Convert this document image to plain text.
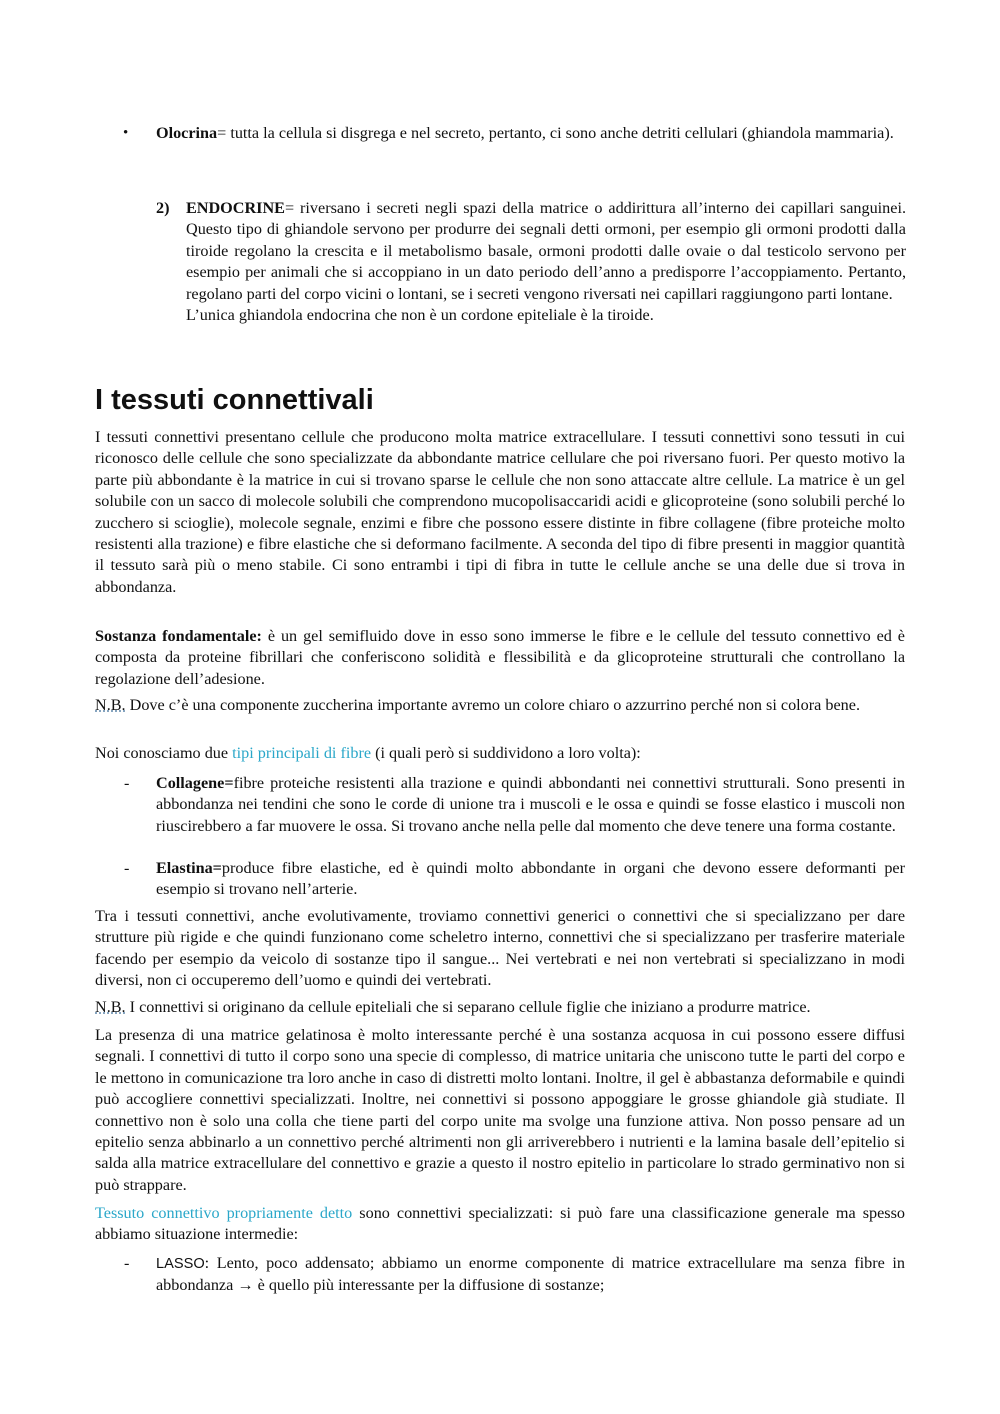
• Olocrina= tutta la cellula si disgrega e nel secreto, pertanto, ci sono anche detriti cellulari (ghiandola mammaria).
2) ENDOCRINE= riversano i secreti negli spazi della matrice o addirittura all’interno dei capillari sanguinei. Questo tipo di ghiandole servono per produrre dei segnali detti ormoni, per esempio gli ormoni prodotti dalla tiroide regolano la crescita e il metabolismo basale, ormoni prodotti dalle ovaie o dal testicolo servono per esempio per animali che si accoppiano in un dato periodo dell’anno a predisporre l’accoppiamento. Pertanto, regolano parti del corpo vicini o lontani, se i secreti vengono riversati nei capillari raggiungono parti lontane.
L’unica ghiandola endocrina che non è un cordone epiteliale è la tiroide.
I tessuti connettivali

I tessuti connettivi presentano cellule che producono molta matrice extracellulare. I tessuti connettivi sono tessuti in cui riconosco delle cellule che sono specializzate da abbondante matrice cellulare che poi riversano fuori. Per questo motivo la parte più abbondante è la matrice in cui si trovano sparse le cellule che non sono attaccate altre cellule. La matrice è un gel solubile con un sacco di molecole solubili che comprendono mucopolisaccaridi acidi e glicoproteine (sono solubili perché lo zucchero si scioglie), molecole segnale, enzimi e fibre che possono essere distinte in fibre collagene (fibre proteiche molto resistenti alla trazione) e fibre elastiche che si deformano facilmente. A seconda del tipo di fibre presenti in maggior quantità il tessuto sarà più o meno stabile. Ci sono entrambi i tipi di fibra in tutte le cellule anche se una delle due si trova in abbondanza.

Sostanza fondamentale: è un gel semifluido dove in esso sono immerse le fibre e le cellule del tessuto connettivo ed è composta da proteine fibrillari che conferiscono solidità e flessibilità e da glicoproteine strutturali che controllano la regolazione dell’adesione.

N.B. Dove c’è una componente zuccherina importante avremo un colore chiaro o azzurrino perché non si colora bene.

Noi conosciamo due tipi principali di fibre (i quali però si suddividono a loro volta):

- Collagene=fibre proteiche resistenti alla trazione e quindi abbondanti nei connettivi strutturali. Sono presenti in abbondanza nei tendini che sono le corde di unione tra i muscoli e le ossa e quindi se fosse elastico i muscoli non riuscirebbero a far muovere le ossa. Si trovano anche nella pelle dal momento che deve tenere una forma costante.
- Elastina=produce fibre elastiche, ed è quindi molto abbondante in organi che devono essere deformanti per esempio si trovano nell’arterie.

Tra i tessuti connettivi, anche evolutivamente, troviamo connettivi generici o connettivi che si specializzano per dare strutture più rigide e che quindi funzionano come scheletro interno, connettivi che si specializzano per trasferire materiale facendo per esempio da veicolo di sostanze tipo il sangue... Nei vertebrati e nei non vertebrati si specializzano in modi diversi, non ci occuperemo dell’uomo e quindi dei vertebrati.

N.B. I connettivi si originano da cellule epiteliali che si separano cellule figlie che iniziano a produrre matrice.

La presenza di una matrice gelatinosa è molto interessante perché è una sostanza acquosa in cui possono essere diffusi segnali. I connettivi di tutto il corpo sono una specie di complesso, di matrice unitaria che uniscono tutte le parti del corpo e le mettono in comunicazione tra loro anche in caso di distretti molto lontani. Inoltre, il gel è abbastanza deformabile e quindi può accogliere connettivi specializzati. Inoltre, nei connettivi si possono appoggiare le grosse ghiandole già studiate. Il connettivo non è solo una colla che tiene parti del corpo unite ma svolge una funzione attiva. Non posso pensare ad un epitelio senza abbinarlo a un connettivo perché altrimenti non gli arriverebbero i nutrienti e la lamina basale dell’epitelio si salda alla matrice extracellulare del connettivo e grazie a questo il nostro epitelio in particolare lo strado germinativo non si può strappare.

Tessuto connettivo propriamente detto sono connettivi specializzati: si può fare una classificazione generale ma spesso abbiamo situazione intermedie:

- LASSO: Lento, poco addensato; abbiamo un enorme componente di matrice extracellulare ma senza fibre in abbondanza → è quello più interessante per la diffusione di sostanze;
